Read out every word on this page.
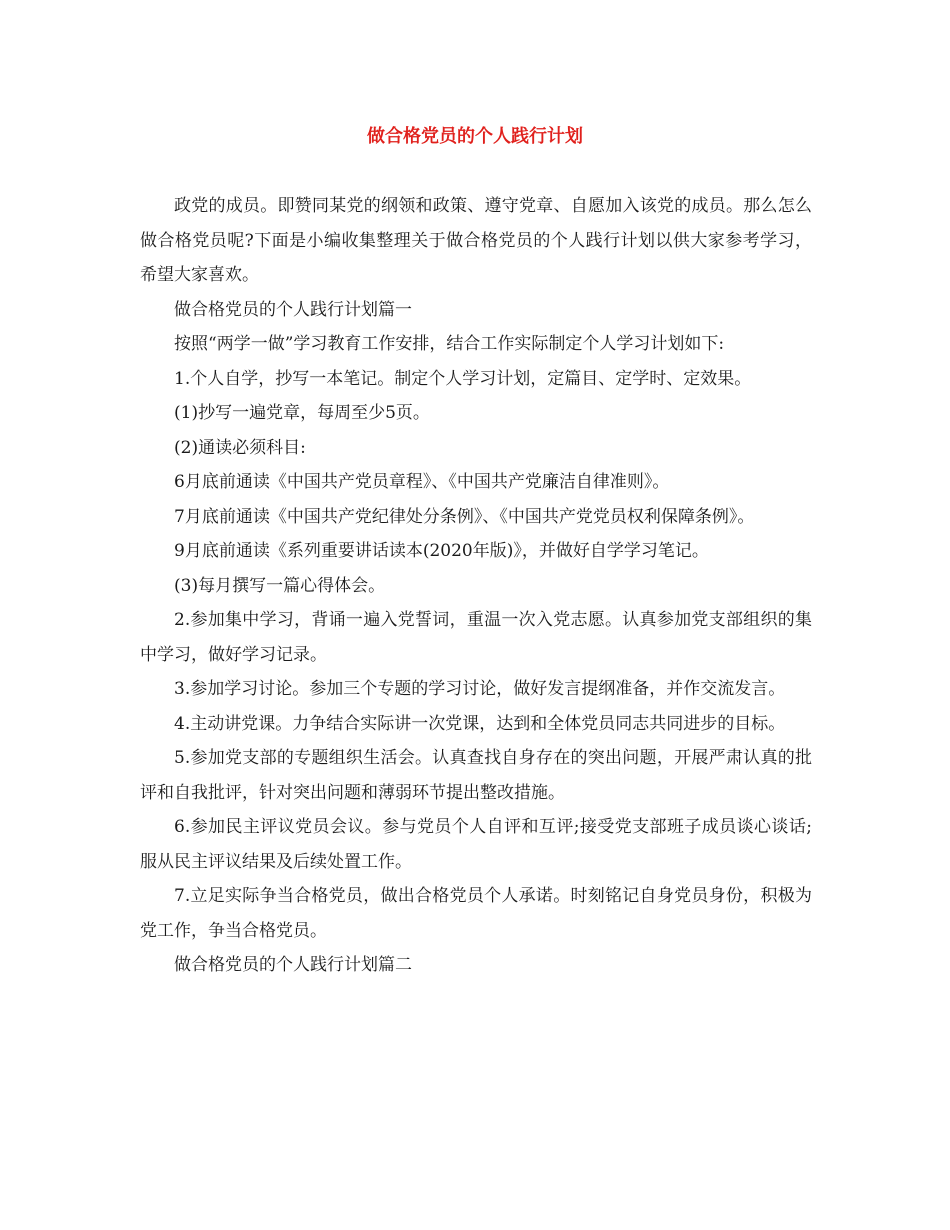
做合格党员的个人践行计划

政党的成员。即赞同某党的纲领和政策、遵守党章、自愿加入该党的成员。那么怎么做合格党员呢?下面是小编收集整理关于做合格党员的个人践行计划以供大家参考学习，希望大家喜欢。

做合格党员的个人践行计划篇一

按照“两学一做”学习教育工作安排，结合工作实际制定个人学习计划如下:

1.个人自学，抄写一本笔记。制定个人学习计划，定篇目、定学时、定效果。

(1)抄写一遍党章，每周至少5页。

(2)通读必须科目:

6月底前通读《中国共产党员章程》、《中国共产党廉洁自律准则》。

7月底前通读《中国共产党纪律处分条例》、《中国共产党党员权利保障条例》。

9月底前通读《系列重要讲话读本(2020年版)》，并做好自学学习笔记。

(3)每月撰写一篇心得体会。

2.参加集中学习，背诵一遍入党誓词，重温一次入党志愿。认真参加党支部组织的集中学习，做好学习记录。

3.参加学习讨论。参加三个专题的学习讨论，做好发言提纲准备，并作交流发言。

4.主动讲党课。力争结合实际讲一次党课，达到和全体党员同志共同进步的目标。

5.参加党支部的专题组织生活会。认真查找自身存在的突出问题，开展严肃认真的批评和自我批评，针对突出问题和薄弱环节提出整改措施。

6.参加民主评议党员会议。参与党员个人自评和互评;接受党支部班子成员谈心谈话;服从民主评议结果及后续处置工作。

7.立足实际争当合格党员，做出合格党员个人承诺。时刻铭记自身党员身份，积极为党工作，争当合格党员。

做合格党员的个人践行计划篇二
